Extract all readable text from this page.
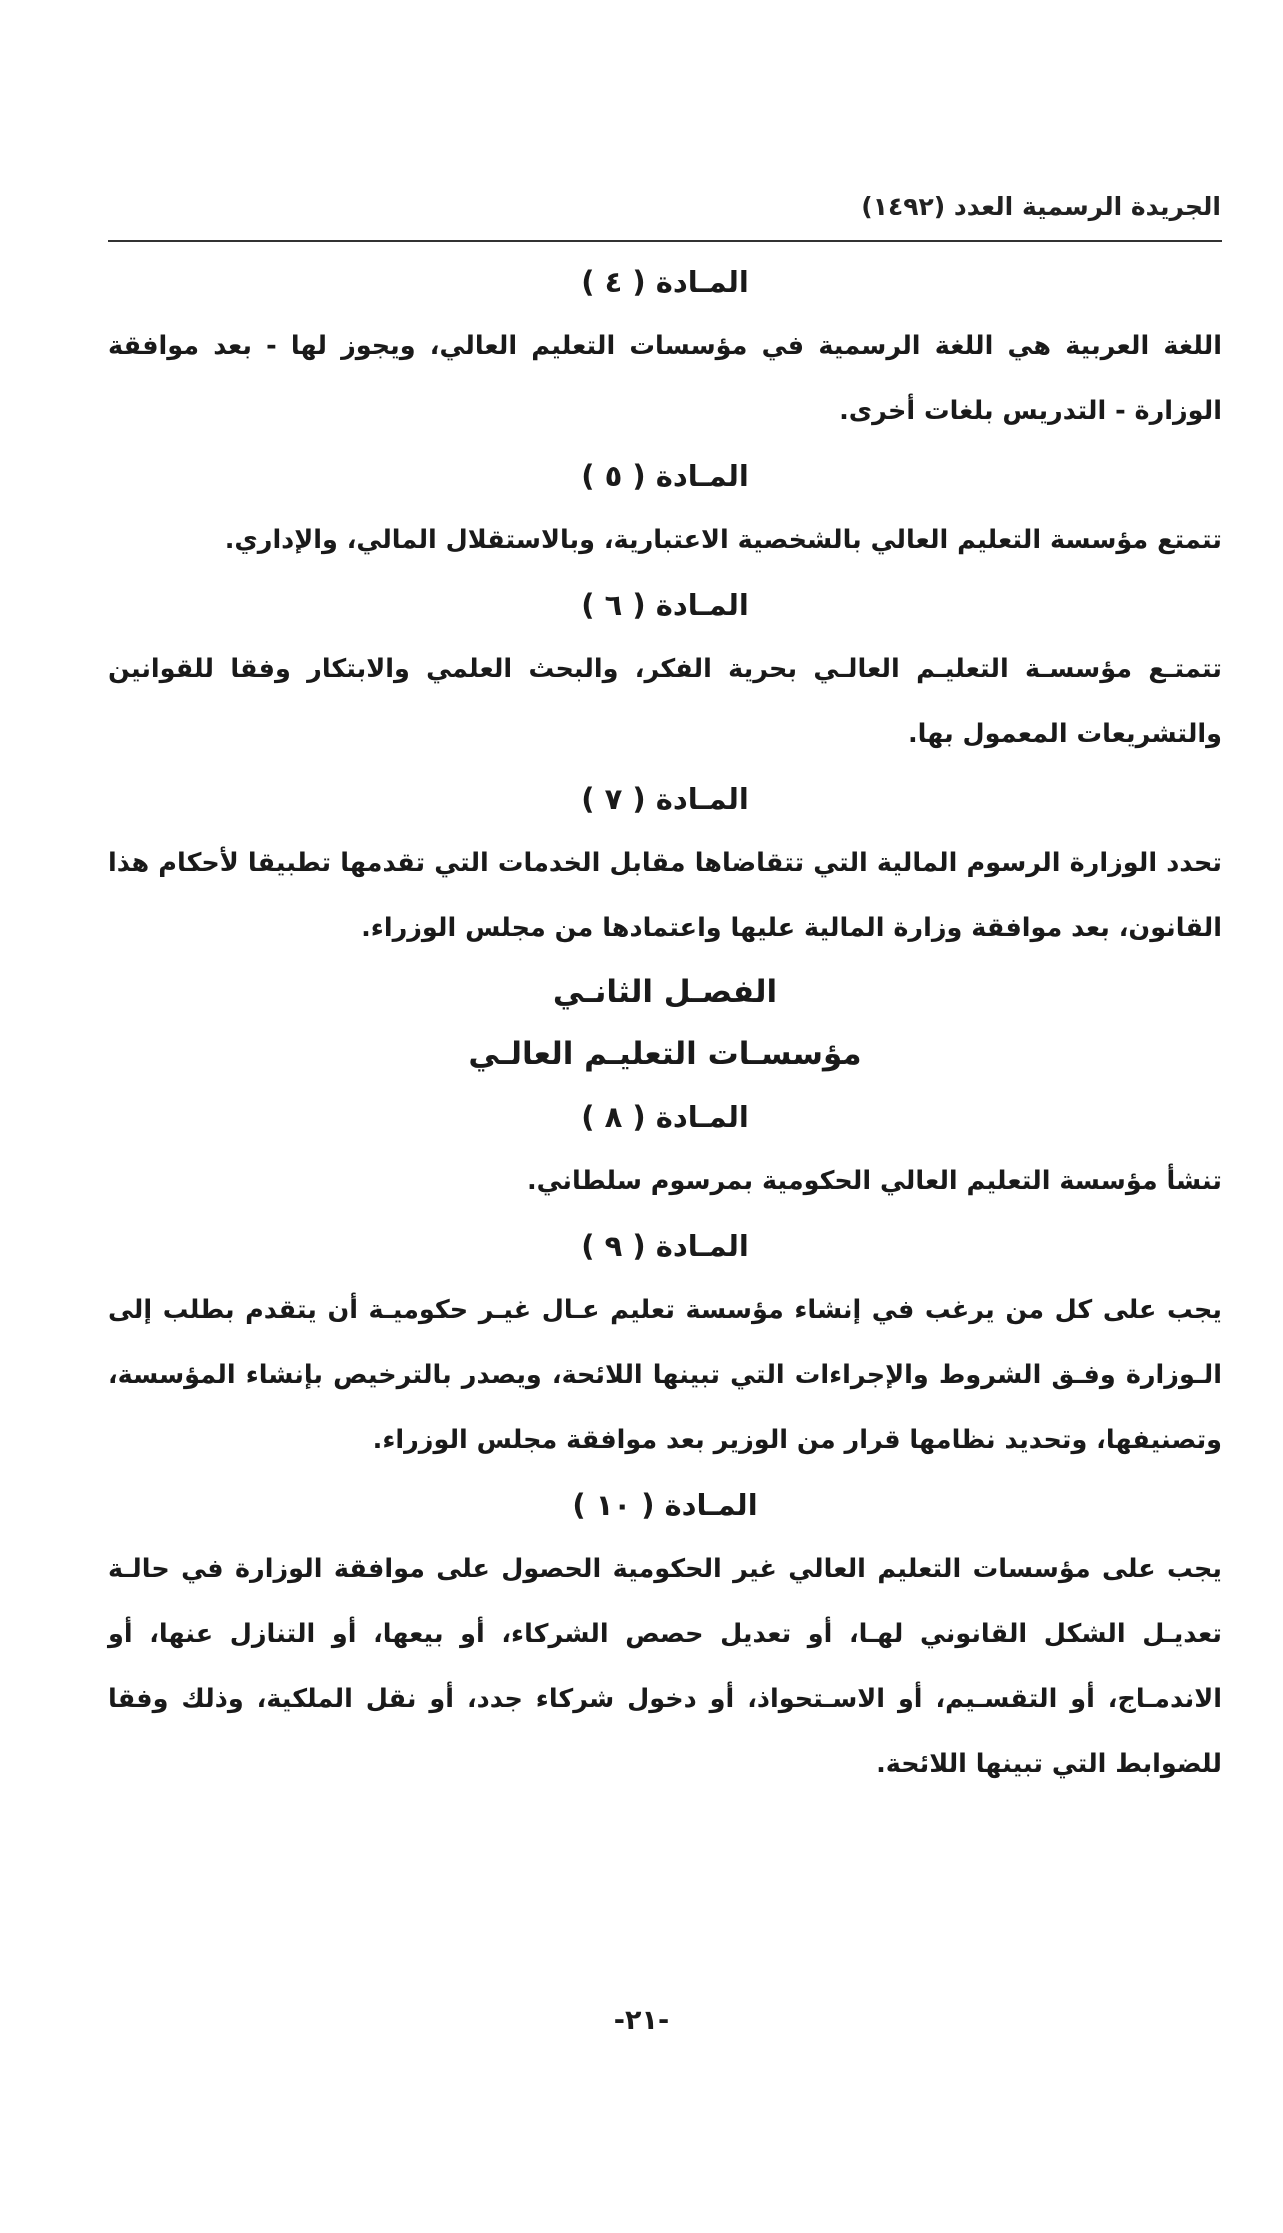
الجريدة الرسمية العدد (١٤٩٢)
المـادة ( ٤ )

اللغة العربية هي اللغة الرسمية في مؤسسات التعليم العالي، ويجوز لها - بعد موافقة الوزارة - التدريس بلغات أخرى.

المـادة ( ٥ )

تتمتع مؤسسة التعليم العالي بالشخصية الاعتبارية، وبالاستقلال المالي، والإداري.

المـادة ( ٦ )

تتمتـع مؤسسـة التعليـم العالـي بحرية الفكر، والبحث العلمي والابتكار وفقا للقوانين والتشريعات المعمول بها.

المـادة ( ٧ )

تحدد الوزارة الرسوم المالية التي تتقاضاها مقابل الخدمات التي تقدمها تطبيقا لأحكام هذا القانون، بعد موافقة وزارة المالية عليها واعتمادها من مجلس الوزراء.

الفصـل الثانـي
مؤسسـات التعليـم العالـي
المـادة ( ٨ )

تنشأ مؤسسة التعليم العالي الحكومية بمرسوم سلطاني.

المـادة ( ٩ )

يجب على كل من يرغب في إنشاء مؤسسة تعليم عـال غيـر حكوميـة أن يتقدم بطلب إلى الـوزارة وفـق الشروط والإجراءات التي تبينها اللائحة، ويصدر بالترخيص بإنشاء المؤسسة، وتصنيفها، وتحديد نظامها قرار من الوزير بعد موافقة مجلس الوزراء.

المـادة ( ١٠ )

يجب على مؤسسات التعليم العالي غير الحكومية الحصول على موافقة الوزارة في حالـة تعديـل الشكل القانوني لهـا، أو تعديل حصص الشركاء، أو بيعها، أو التنازل عنها، أو الاندمـاج، أو التقسـيم، أو الاسـتحواذ، أو دخول شركاء جدد، أو نقل الملكية، وذلك وفقا للضوابط التي تبينها اللائحة.

-٢١-
